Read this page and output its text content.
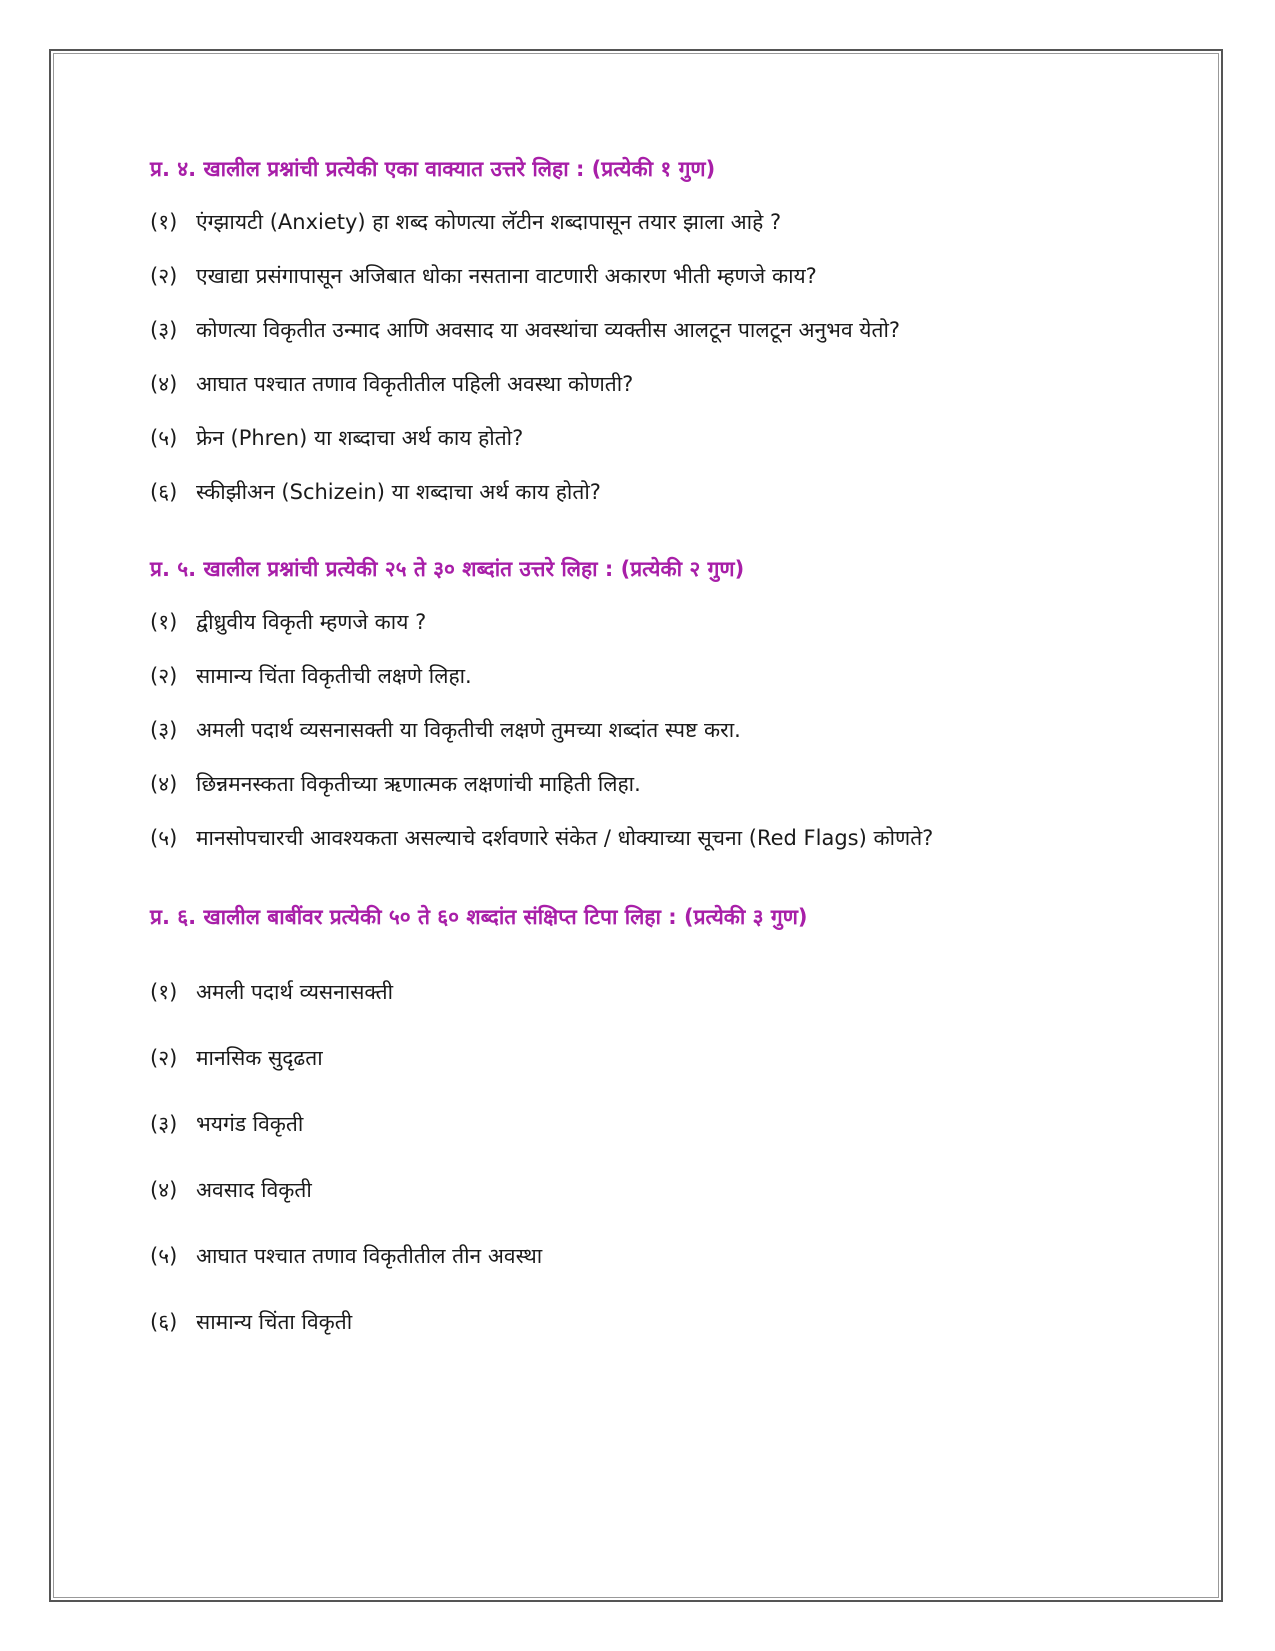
प्र. ४. खालील प्रश्नांची प्रत्येकी एका वाक्यात उत्तरे लिहा : (प्रत्येकी १ गुण)
(१) एंग्झायटी (Anxiety) हा शब्द कोणत्या लॅटीन शब्दापासून तयार झाला आहे ?
(२) एखाद्या प्रसंगापासून अजिबात धोका नसताना वाटणारी अकारण भीती म्हणजे काय?
(३) कोणत्या विकृतीत उन्माद आणि अवसाद या अवस्थांचा व्यक्तीस आलटून पालटून अनुभव येतो?
(४) आघात पश्चात तणाव विकृतीतील पहिली अवस्था कोणती?
(५) फ्रेन (Phren) या शब्दाचा अर्थ काय होतो?
(६) स्कीझीअन (Schizein) या शब्दाचा अर्थ काय होतो?
प्र. ५. खालील प्रश्नांची प्रत्येकी २५ ते ३० शब्दांत उत्तरे लिहा : (प्रत्येकी २ गुण)
(१) द्वीध्रुवीय विकृती म्हणजे काय ?
(२) सामान्य चिंता विकृतीची लक्षणे लिहा.
(३) अमली पदार्थ व्यसनासक्ती या विकृतीची लक्षणे तुमच्या शब्दांत स्पष्ट करा.
(४) छिन्नमनस्कता विकृतीच्या ऋणात्मक लक्षणांची माहिती लिहा.
(५) मानसोपचारची आवश्यकता असल्याचे दर्शवणारे संकेत / धोक्याच्या सूचना (Red Flags) कोणते?
प्र. ६. खालील बाबींवर प्रत्येकी ५० ते ६० शब्दांत संक्षिप्त टिपा लिहा : (प्रत्येकी ३ गुण)
(१) अमली पदार्थ व्यसनासक्ती
(२) मानसिक सुदृढता
(३) भयगंड विकृती
(४) अवसाद विकृती
(५) आघात पश्चात तणाव विकृतीतील तीन अवस्था
(६) सामान्य चिंता विकृती
